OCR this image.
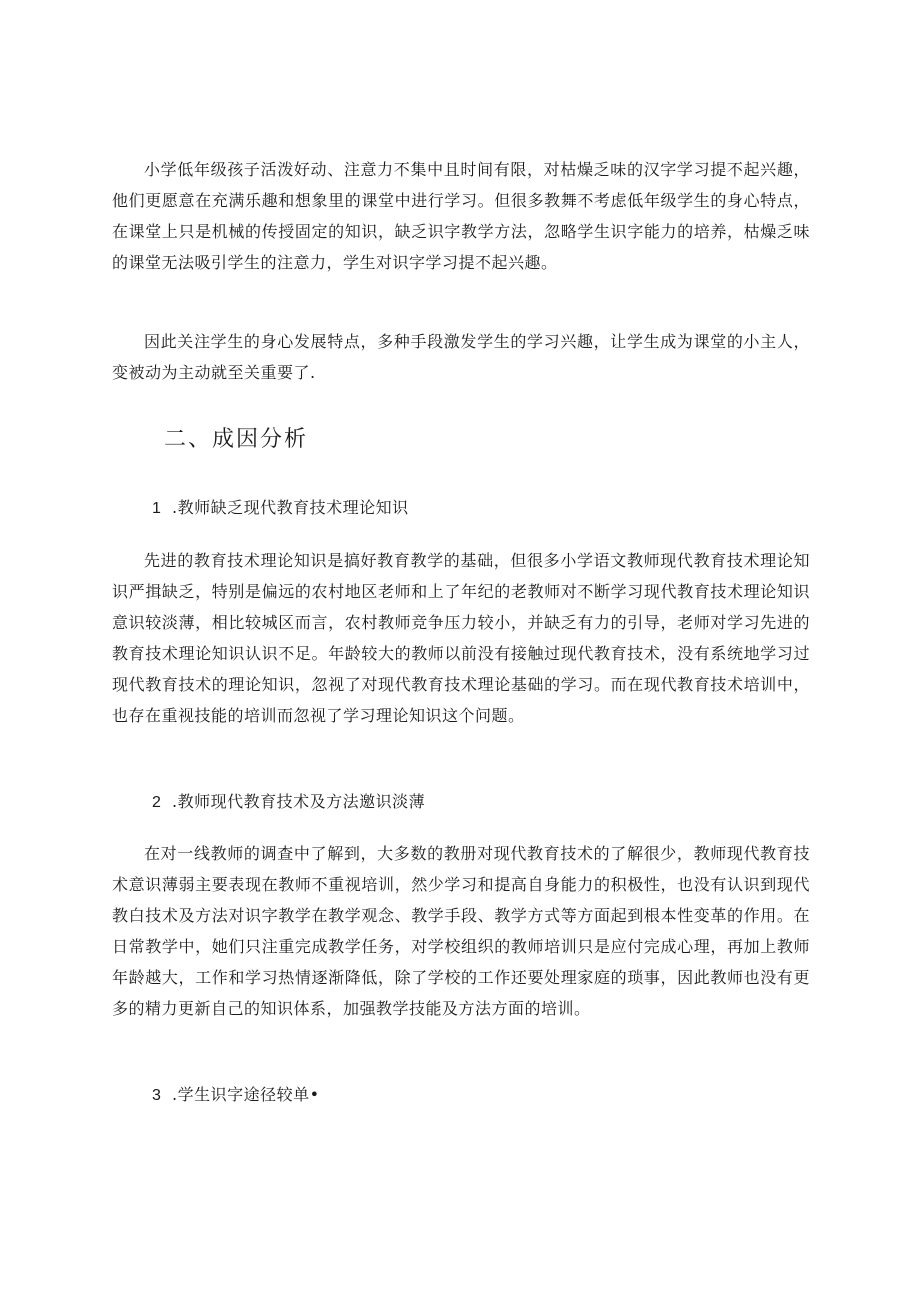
小学低年级孩子活泼好动、注意力不集中且时间有限，对枯燥乏味的汉字学习提不起兴趣，他们更愿意在充满乐趣和想象里的课堂中进行学习。但很多教舞不考虑低年级学生的身心特点，在课堂上只是机械的传授固定的知识，缺乏识字教学方法，忽略学生识字能力的培养，枯燥乏味的课堂无法吸引学生的注意力，学生对识字学习提不起兴趣。

因此关注学生的身心发展特点，多种手段激发学生的学习兴趣，让学生成为课堂的小主人，变被动为主动就至关重要了.

二、成因分析
1 .教师缺乏现代教育技术理论知识

先进的教育技术理论知识是搞好教育教学的基础，但很多小学语文教师现代教育技术理论知识严揖缺乏，特别是偏远的农村地区老师和上了年纪的老教师对不断学习现代教育技术理论知识意识较淡薄，相比较城区而言，农村教师竞争压力较小，并缺乏有力的引导，老师对学习先进的教育技术理论知识认识不足。年龄较大的教师以前没有接触过现代教育技术，没有系统地学习过现代教育技术的理论知识，忽视了对现代教育技术理论基础的学习。而在现代教育技术培训中，也存在重视技能的培训而忽视了学习理论知识这个问题。

2 .教师现代教育技术及方法邀识淡薄

在对一线教师的调查中了解到，大多数的教册对现代教育技术的了解很少，教师现代教育技术意识薄弱主要表现在教师不重视培训，然少学习和提高自身能力的积极性，也没有认识到现代教白技术及方法对识字教学在教学观念、教学手段、教学方式等方面起到根本性变革的作用。在日常教学中，她们只注重完成教学任务，对学校组织的教师培训只是应付完成心理，再加上教师年龄越大，工作和学习热情逐渐降低，除了学校的工作还要处理家庭的琐事，因此教师也没有更多的精力更新自己的知识体系，加强教学技能及方法方面的培训。

3 .学生识字途径较单•
